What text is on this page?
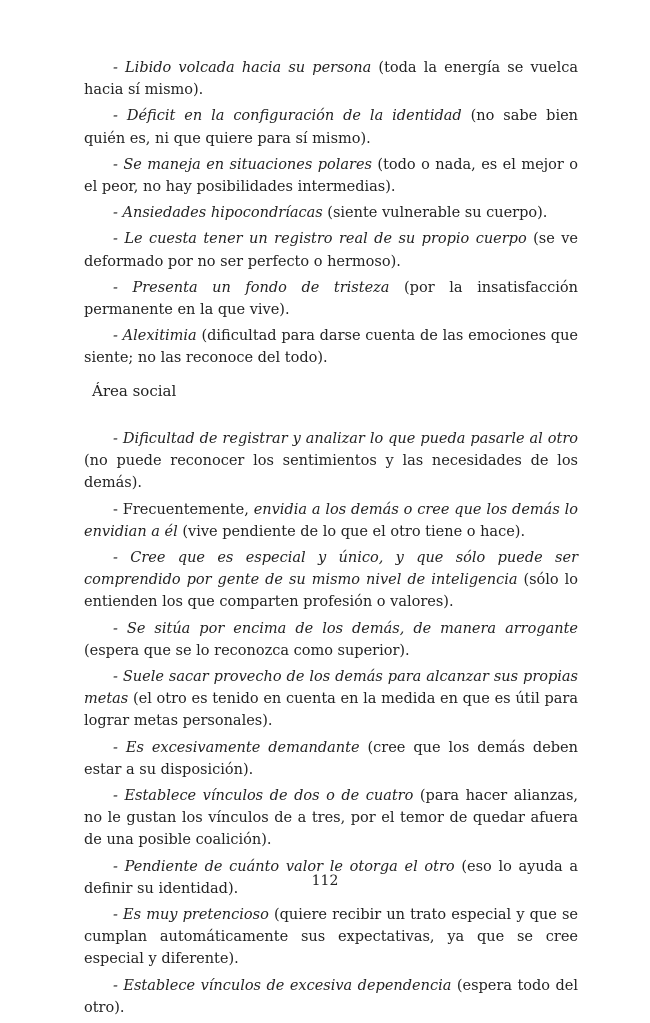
- Libido volcada hacia su persona (toda la energía se vuelca hacia sí mismo).

- Déficit en la configuración de la identidad (no sabe bien quién es, ni que quiere para sí mismo).

- Se maneja en situaciones polares (todo o nada, es el mejor o el peor, no hay posibilidades intermedias).

- Ansiedades hipocondríacas (siente vulnerable su cuerpo).

- Le cuesta tener un registro real de su propio cuerpo (se ve deformado por no ser perfecto o hermoso).

- Presenta un fondo de tristeza (por la insatisfacción permanente en la que vive).

- Alexitimia (dificultad para darse cuenta de las emociones que siente; no las reconoce del todo).

Área social

- Dificultad de registrar y analizar lo que pueda pasarle al otro (no puede reconocer los sentimientos y las necesidades de los demás).

- Frecuentemente, envidia a los demás o cree que los demás lo envidian a él (vive pendiente de lo que el otro tiene o hace).

- Cree que es especial y único, y que sólo puede ser comprendido por gente de su mismo nivel de inteligencia (sólo lo entienden los que comparten profesión o valores).

- Se sitúa por encima de los demás, de manera arrogante (espera que se lo reconozca como superior).

- Suele sacar provecho de los demás para alcanzar sus propias metas (el otro es tenido en cuenta en la medida en que es útil para lograr metas personales).

- Es excesivamente demandante (cree que los demás deben estar a su disposición).

- Establece vínculos de dos o de cuatro (para hacer alianzas, no le gustan los vínculos de a tres, por el temor de quedar afuera de una posible coalición).

- Pendiente de cuánto valor le otorga el otro (eso lo ayuda a definir su identidad).

- Es muy pretencioso (quiere recibir un trato especial y que se cumplan automáticamente sus expectativas, ya que se cree especial y diferente).

- Establece vínculos de excesiva dependencia (espera todo del otro).

112
